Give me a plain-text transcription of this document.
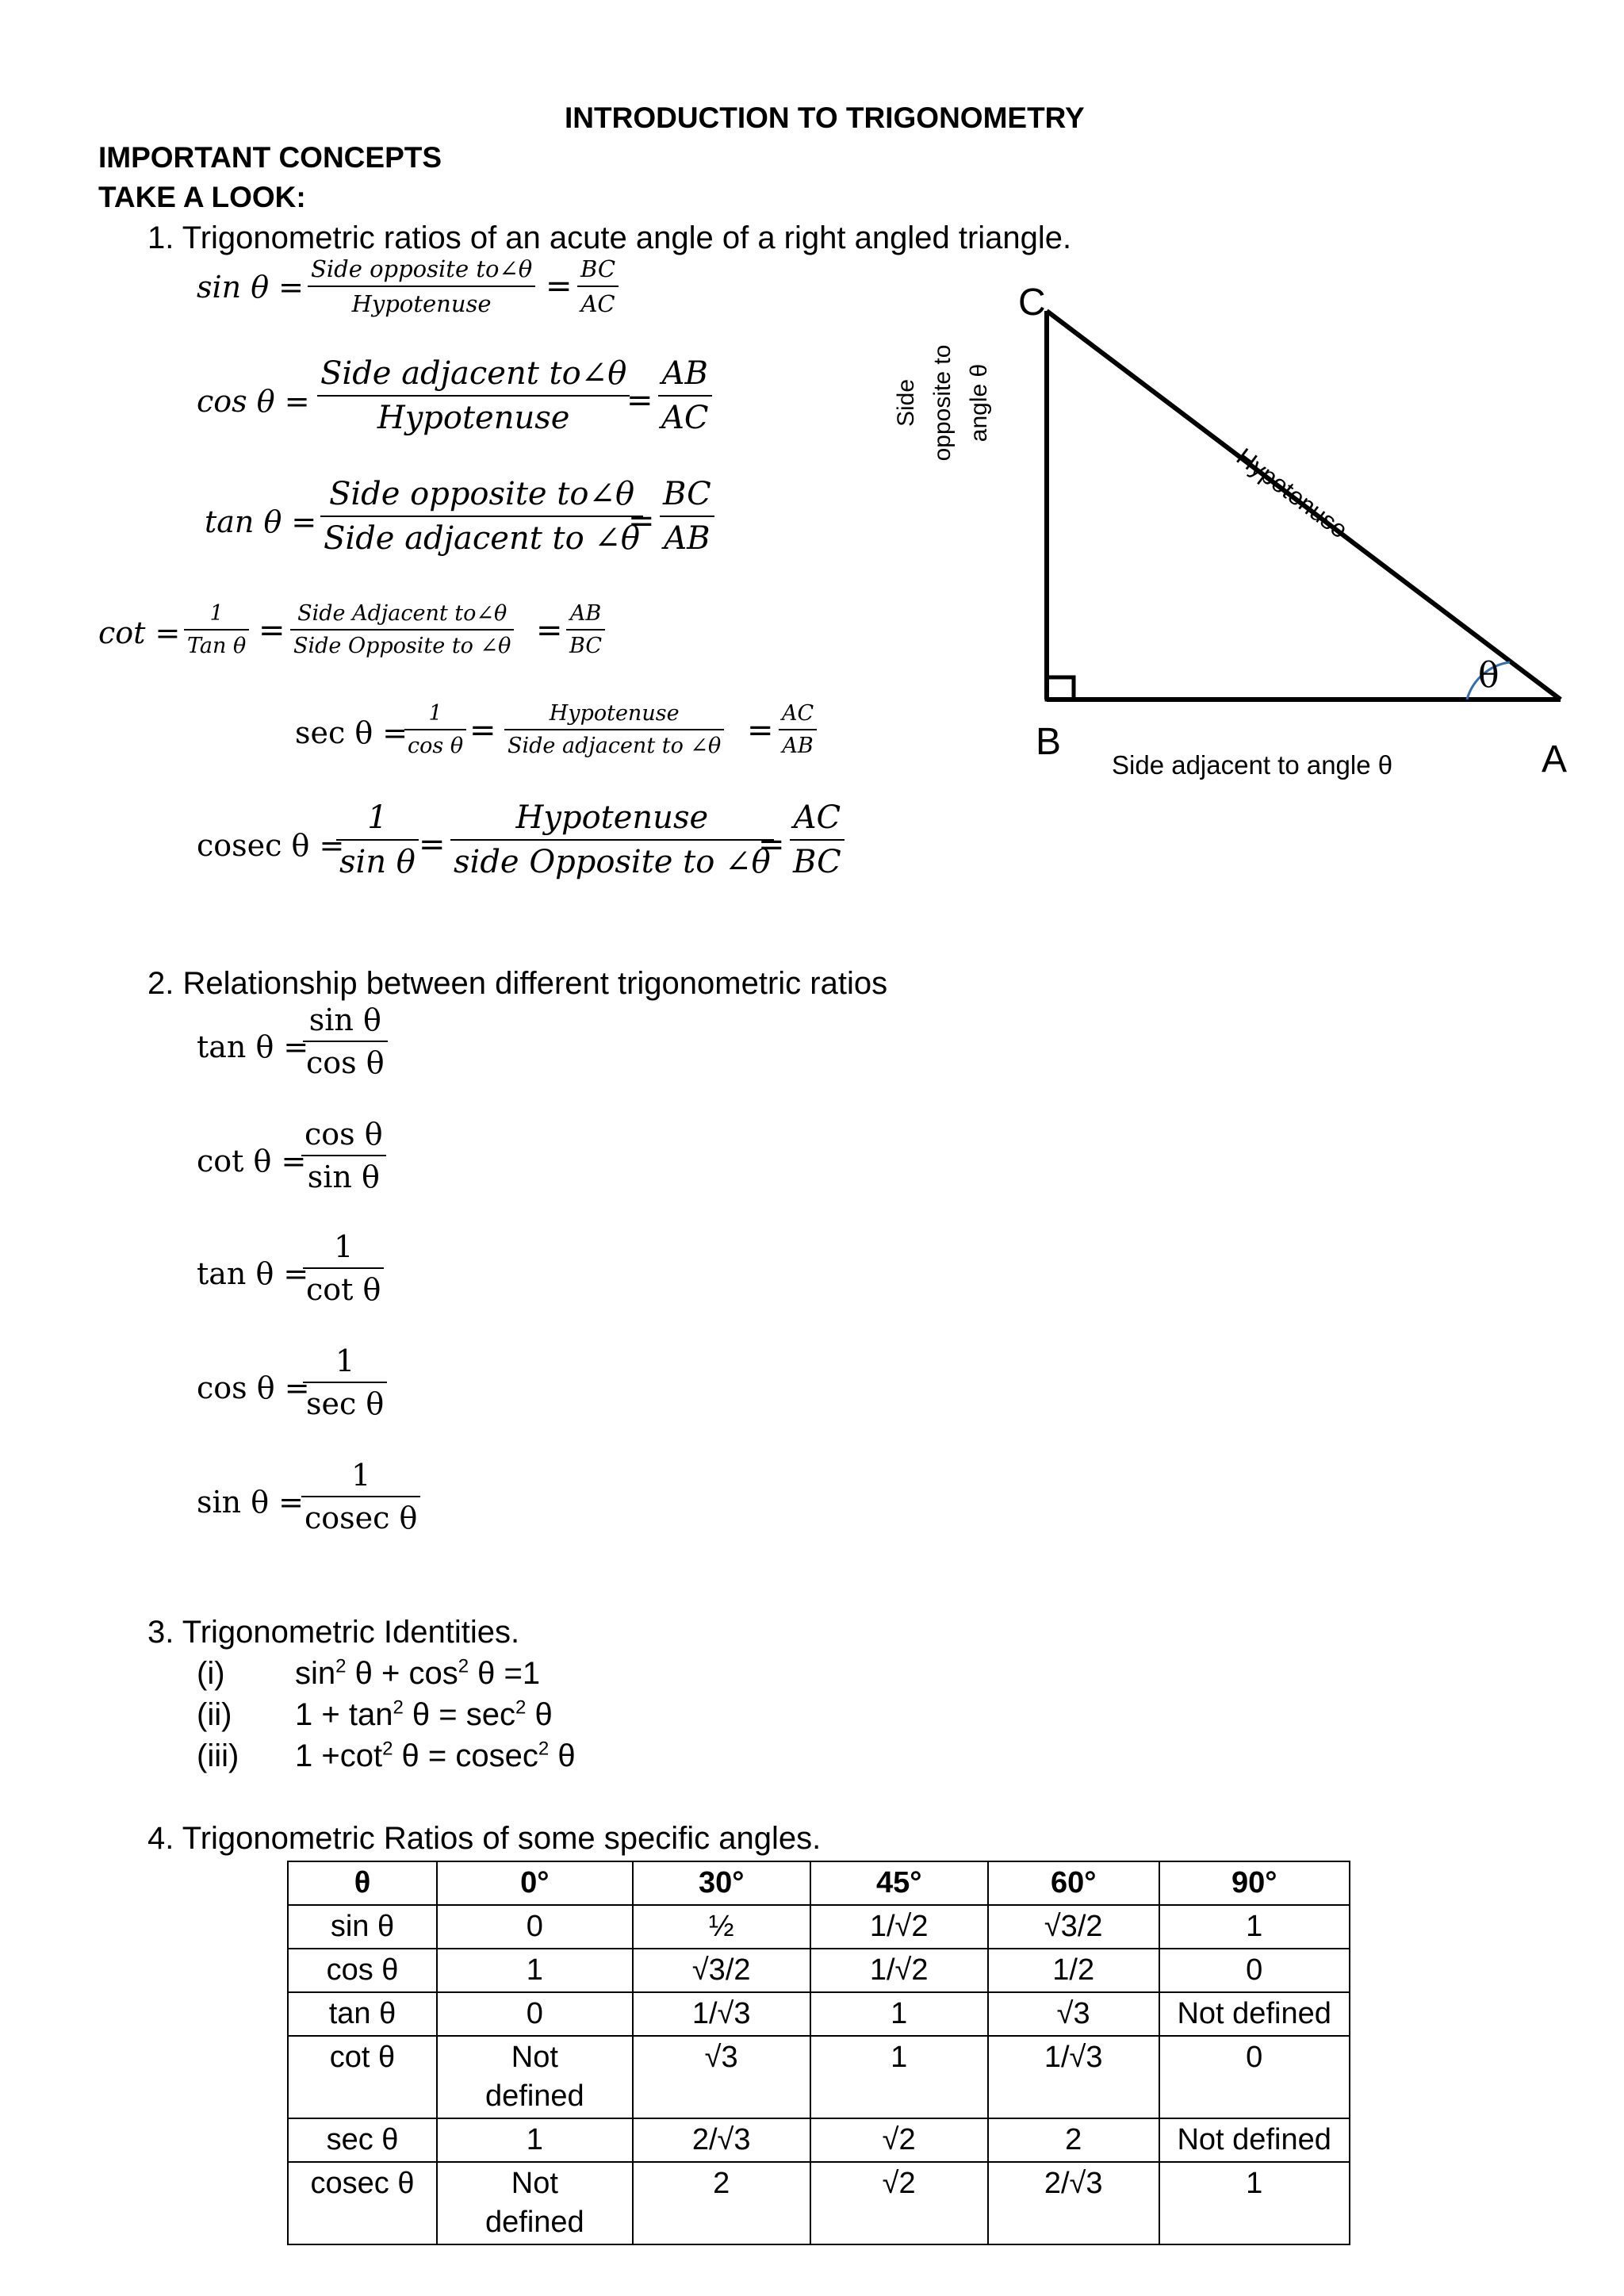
INTRODUCTION TO TRIGONOMETRY
IMPORTANT CONCEPTS
TAKE A LOOK:
1. Trigonometric ratios of an acute angle of a right angled triangle.
sin θ =
Side opposite to∠θ
Hypotenuse = BC
AC
cos θ =
Side adjacent to∠θ
Hypotenuse =
AB
AC
tan θ =
Side opposite to∠θ
Side adjacent to ∠θ
=
BC
AB
cot =
1
Tan θ = Side Adjacent to∠θ
Side Opposite to ∠θ = AB
BC
sec θ =
1
cos θ = Hypotenuse
Side adjacent to ∠θ = AC
AB
cosec θ =
1
sin θ =
Hypotenuse
side Opposite to ∠θ
=
AC
BC
C
B	A
θ
Hypotenuse
Side adjacent to angle θ
Side opposite to angle θ
2. Relationship between different trigonometric ratios
tan θ =
sin θ
cos θ
cot θ =
cos θ
sin θ
tan θ =
1
cot θ
cos θ =
1
sec θ
sin θ =
1
cosec θ
3. Trigonometric Identities.
(i) $\sin^2 \theta + \cos^2 \theta =1$
(ii) $1 + \tan^2 \theta = \sec^2 \theta$
(iii) $1 +\cot^2$ θ = cosec$^2$ θ
4. Trigonometric Ratios of some specific angles.
θ	0°	30°	45°	60°	90°
sin θ	0	½	1/√2	√3/2	1
cos θ	1	√3/2	1/√2	1/2	0
tan θ	0	1/√3	1	√3	Not defined
cot θ	Not defined	√3	1	1/√3	0
sec θ	1	2/√3	√2	2	Not defined
cosec θ	Not defined	2	√2	2/√3	1
